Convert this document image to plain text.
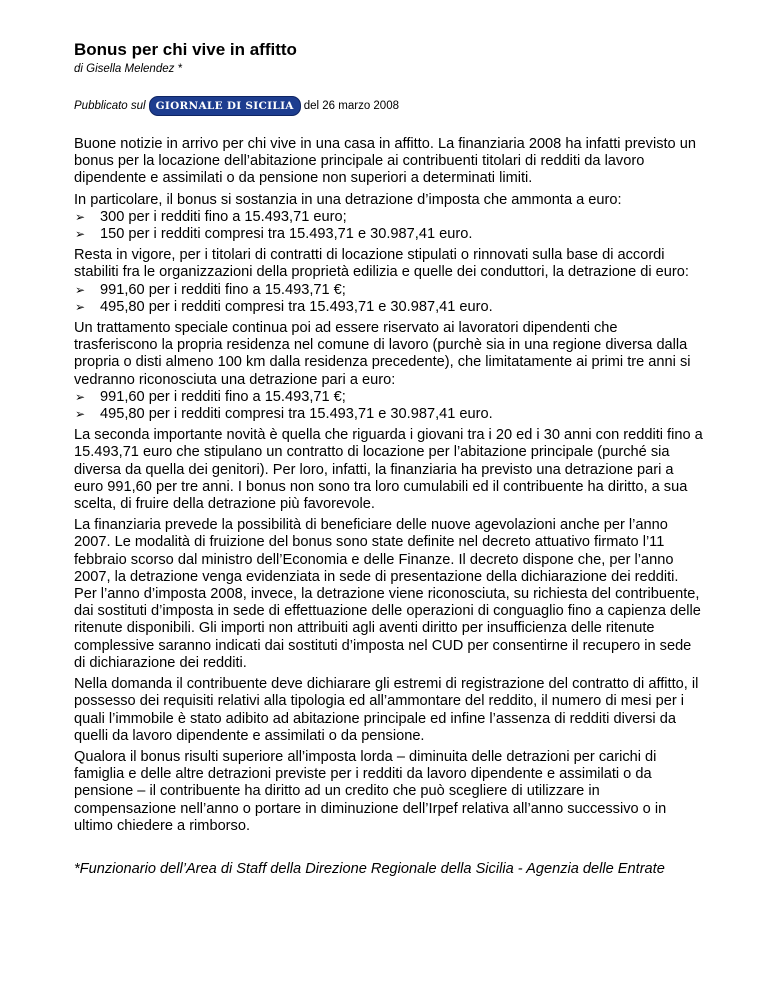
Bonus per chi vive in affitto
di Gisella Melendez *
Pubblicato sul GIORNALE DI SICILIA del 26 marzo 2008

Buone notizie in arrivo per chi vive in una casa in affitto. La finanziaria 2008 ha infatti previsto un bonus per la locazione dell’abitazione principale ai contribuenti titolari di redditi da lavoro dipendente e assimilati o da pensione non superiori a determinati limiti.

In particolare, il bonus si sostanzia in una detrazione d’imposta che ammonta a euro:

➢ 300 per i redditi fino a 15.493,71 euro;
➢ 150 per i redditi compresi tra 15.493,71 e 30.987,41 euro.

Resta in vigore, per i titolari di contratti di locazione stipulati o rinnovati sulla base di accordi stabiliti fra le organizzazioni della proprietà edilizia e quelle dei conduttori, la detrazione di euro:

➢ 991,60 per i redditi fino a 15.493,71 €;
➢ 495,80 per i redditi compresi tra 15.493,71 e 30.987,41 euro.

Un trattamento speciale continua poi ad essere riservato ai lavoratori dipendenti che trasferiscono la propria residenza nel comune di lavoro (purchè sia in una regione diversa dalla propria o disti almeno 100 km dalla residenza precedente), che limitatamente ai primi tre anni si vedranno riconosciuta una detrazione pari a euro:

➢ 991,60 per i redditi fino a 15.493,71 €;
➢ 495,80 per i redditi compresi tra 15.493,71 e 30.987,41 euro.

La seconda importante novità è quella che riguarda i giovani tra i 20 ed i 30 anni con redditi fino a 15.493,71 euro che stipulano un contratto di locazione per l’abitazione principale (purché sia diversa da quella dei genitori). Per loro, infatti, la finanziaria ha previsto una detrazione pari a euro 991,60 per tre anni. I bonus non sono tra loro cumulabili ed il contribuente ha diritto, a sua scelta, di fruire della detrazione più favorevole.

La finanziaria prevede la possibilità di beneficiare delle nuove agevolazioni anche per l’anno 2007. Le modalità di fruizione del bonus sono state definite nel decreto attuativo firmato l’11 febbraio scorso dal ministro dell’Economia e delle Finanze. Il decreto dispone che, per l’anno 2007, la detrazione venga evidenziata in sede di presentazione della dichiarazione dei redditi. Per l’anno d’imposta 2008, invece, la detrazione viene riconosciuta, su richiesta del contribuente, dai sostituti d’imposta in sede di effettuazione delle operazioni di conguaglio fino a capienza delle ritenute disponibili. Gli importi non attribuiti agli aventi diritto per insufficienza delle ritenute complessive saranno indicati dai sostituti d’imposta nel CUD per consentirne il recupero in sede di dichiarazione dei redditi.

Nella domanda il contribuente deve dichiarare gli estremi di registrazione del contratto di affitto, il possesso dei requisiti relativi alla tipologia ed all’ammontare del reddito, il numero di mesi per i quali l’immobile è stato adibito ad abitazione principale ed infine l’assenza di redditi diversi da quelli da lavoro dipendente e assimilati o da pensione.

Qualora il bonus risulti superiore all’imposta lorda – diminuita delle detrazioni per carichi di famiglia e delle altre detrazioni previste per i redditi da lavoro dipendente e assimilati o da pensione – il contribuente ha diritto ad un credito che può scegliere di utilizzare in compensazione nell’anno o portare in diminuzione dell’Irpef relativa all’anno successivo o in ultimo chiedere a rimborso.

*Funzionario dell’Area di Staff della Direzione Regionale della Sicilia - Agenzia delle Entrate
